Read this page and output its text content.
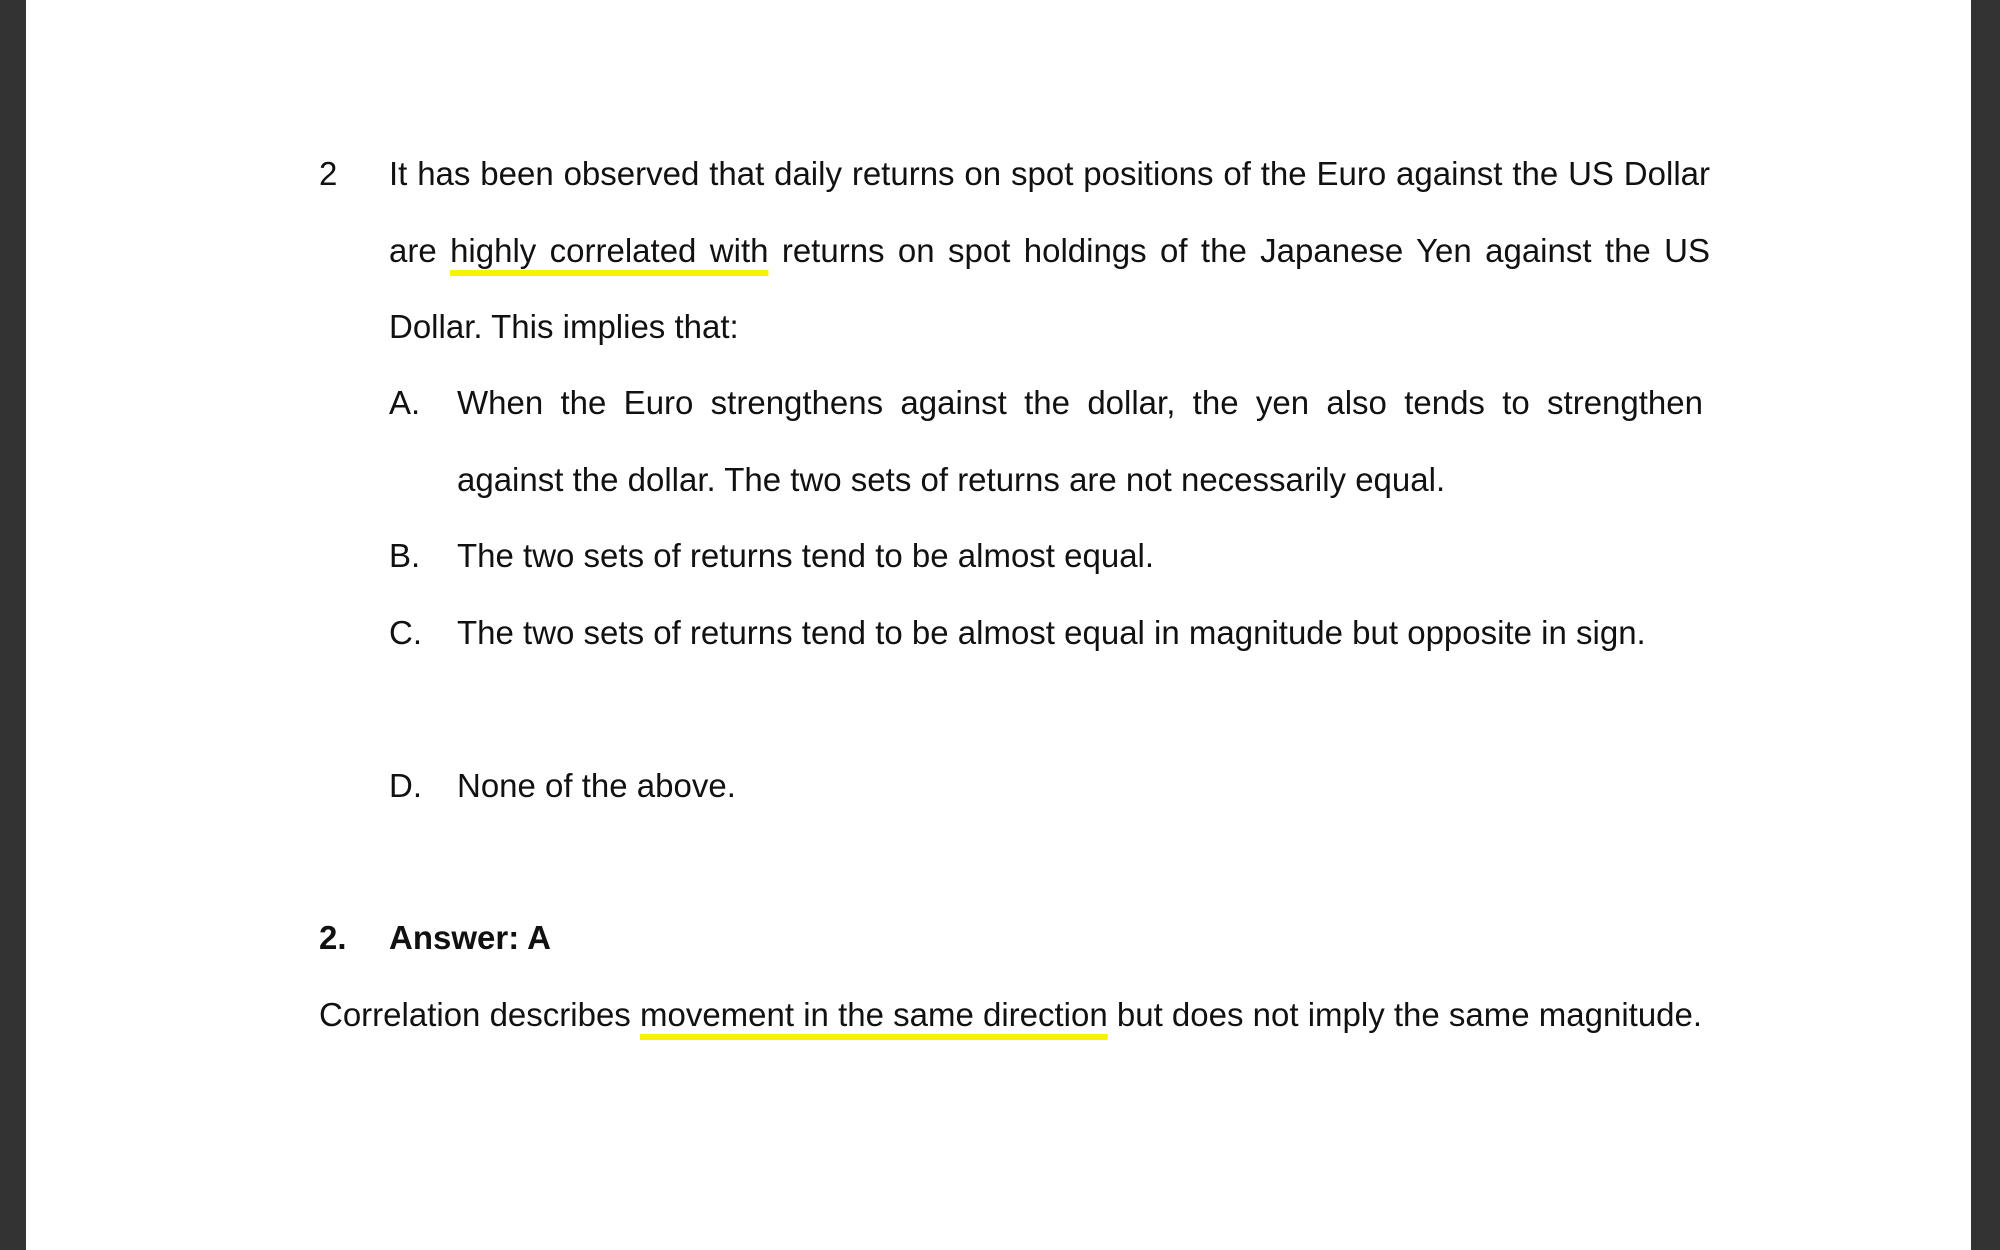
2 It has been observed that daily returns on spot positions of the Euro against the US Dollar are highly correlated with returns on spot holdings of the Japanese Yen against the US Dollar. This implies that:
A. When the Euro strengthens against the dollar, the yen also tends to strengthen against the dollar. The two sets of returns are not necessarily equal.
B. The two sets of returns tend to be almost equal.
C. The two sets of returns tend to be almost equal in magnitude but opposite in sign.
D. None of the above.
2. Answer: A
Correlation describes movement in the same direction but does not imply the same magnitude.
